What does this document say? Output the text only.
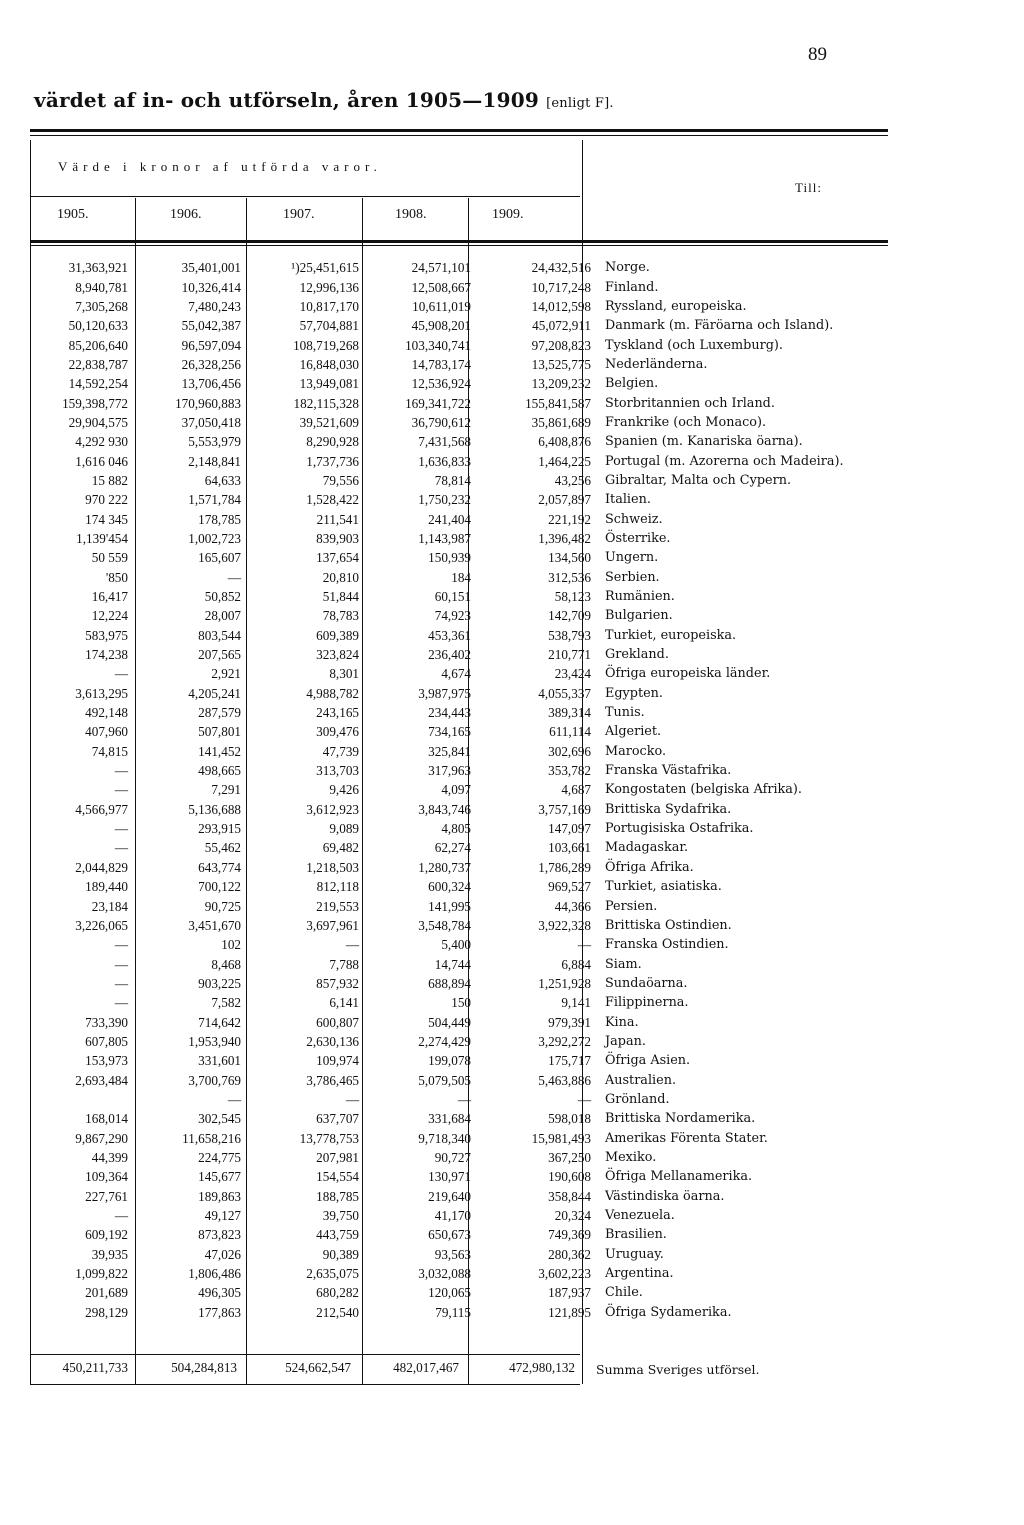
89
värdet af in- och utförseln, åren 1905—1909 [enligt F].
Värde i kronor af utförda varor.
Till:
1905.	1906.	1907.	1908.	1909.
31,363,921	35,401,001	¹)25,451,615	24,571,101	24,432,516	Norge.
8,940,781	10,326,414	12,996,136	12,508,667	10,717,248	Finland.
7,305,268	7,480,243	10,817,170	10,611,019	14,012,598	Ryssland, europeiska.
50,120,633	55,042,387	57,704,881	45,908,201	45,072,911	Danmark (m. Färöarna och Island).
85,206,640	96,597,094	108,719,268	103,340,741	97,208,823	Tyskland (och Luxemburg).
22,838,787	26,328,256	16,848,030	14,783,174	13,525,775	Nederländerna.
14,592,254	13,706,456	13,949,081	12,536,924	13,209,232	Belgien.
159,398,772	170,960,883	182,115,328	169,341,722	155,841,587	Storbritannien och Irland.
29,904,575	37,050,418	39,521,609	36,790,612	35,861,689	Frankrike (och Monaco).
4,292 930	5,553,979	8,290,928	7,431,568	6,408,876	Spanien (m. Kanariska öarna).
1,616 046	2,148,841	1,737,736	1,636,833	1,464,225	Portugal (m. Azorerna och Madeira).
15 882	64,633	79,556	78,814	43,256	Gibraltar, Malta och Cypern.
970 222	1,571,784	1,528,422	1,750,232	2,057,897	Italien.
174 345	178,785	211,541	241,404	221,192	Schweiz.
1,139'454	1,002,723	839,903	1,143,987	1,396,482	Österrike.
50 559	165,607	137,654	150,939	134,560	Ungern.
'850	—	20,810	184	312,536	Serbien.
16,417	50,852	51,844	60,151	58,123	Rumänien.
12,224	28,007	78,783	74,923	142,709	Bulgarien.
583,975	803,544	609,389	453,361	538,793	Turkiet, europeiska.
174,238	207,565	323,824	236,402	210,771	Grekland.
—	2,921	8,301	4,674	23,424	Öfriga europeiska länder.
3,613,295	4,205,241	4,988,782	3,987,975	4,055,337	Egypten.
492,148	287,579	243,165	234,443	389,314	Tunis.
407,960	507,801	309,476	734,165	611,114	Algeriet.
74,815	141,452	47,739	325,841	302,696	Marocko.
—	498,665	313,703	317,963	353,782	Franska Västafrika.
—	7,291	9,426	4,097	4,687	Kongostaten (belgiska Afrika).
4,566,977	5,136,688	3,612,923	3,843,746	3,757,169	Brittiska Sydafrika.
—	293,915	9,089	4,805	147,097	Portugisiska Ostafrika.
—	55,462	69,482	62,274	103,661	Madagaskar.
2,044,829	643,774	1,218,503	1,280,737	1,786,289	Öfriga Afrika.
189,440	700,122	812,118	600,324	969,527	Turkiet, asiatiska.
23,184	90,725	219,553	141,995	44,366	Persien.
3,226,065	3,451,670	3,697,961	3,548,784	3,922,328	Brittiska Ostindien.
—	102	—	5,400	—	Franska Ostindien.
—	8,468	7,788	14,744	6,884	Siam.
—	903,225	857,932	688,894	1,251,928	Sundaöarna.
—	7,582	6,141	150	9,141	Filippinerna.
733,390	714,642	600,807	504,449	979,391	Kina.
607,805	1,953,940	2,630,136	2,274,429	3,292,272	Japan.
153,973	331,601	109,974	199,078	175,717	Öfriga Asien.
2,693,484	3,700,769	3,786,465	5,079,505	5,463,886	Australien.
	—	—	—	—	Grönland.
168,014	302,545	637,707	331,684	598,018	Brittiska Nordamerika.
9,867,290	11,658,216	13,778,753	9,718,340	15,981,493	Amerikas Förenta Stater.
44,399	224,775	207,981	90,727	367,250	Mexiko.
109,364	145,677	154,554	130,971	190,608	Öfriga Mellanamerika.
227,761	189,863	188,785	219,640	358,844	Västindiska öarna.
—	49,127	39,750	41,170	20,324	Venezuela.
609,192	873,823	443,759	650,673	749,369	Brasilien.
39,935	47,026	90,389	93,563	280,362	Uruguay.
1,099,822	1,806,486	2,635,075	3,032,088	3,602,223	Argentina.
201,689	496,305	680,282	120,065	187,937	Chile.
298,129	177,863	212,540	79,115	121,895	Öfriga Sydamerika.
450,211,733	504,284,813	524,662,547	482,017,467	472,980,132 Summa Sveriges utförsel.
